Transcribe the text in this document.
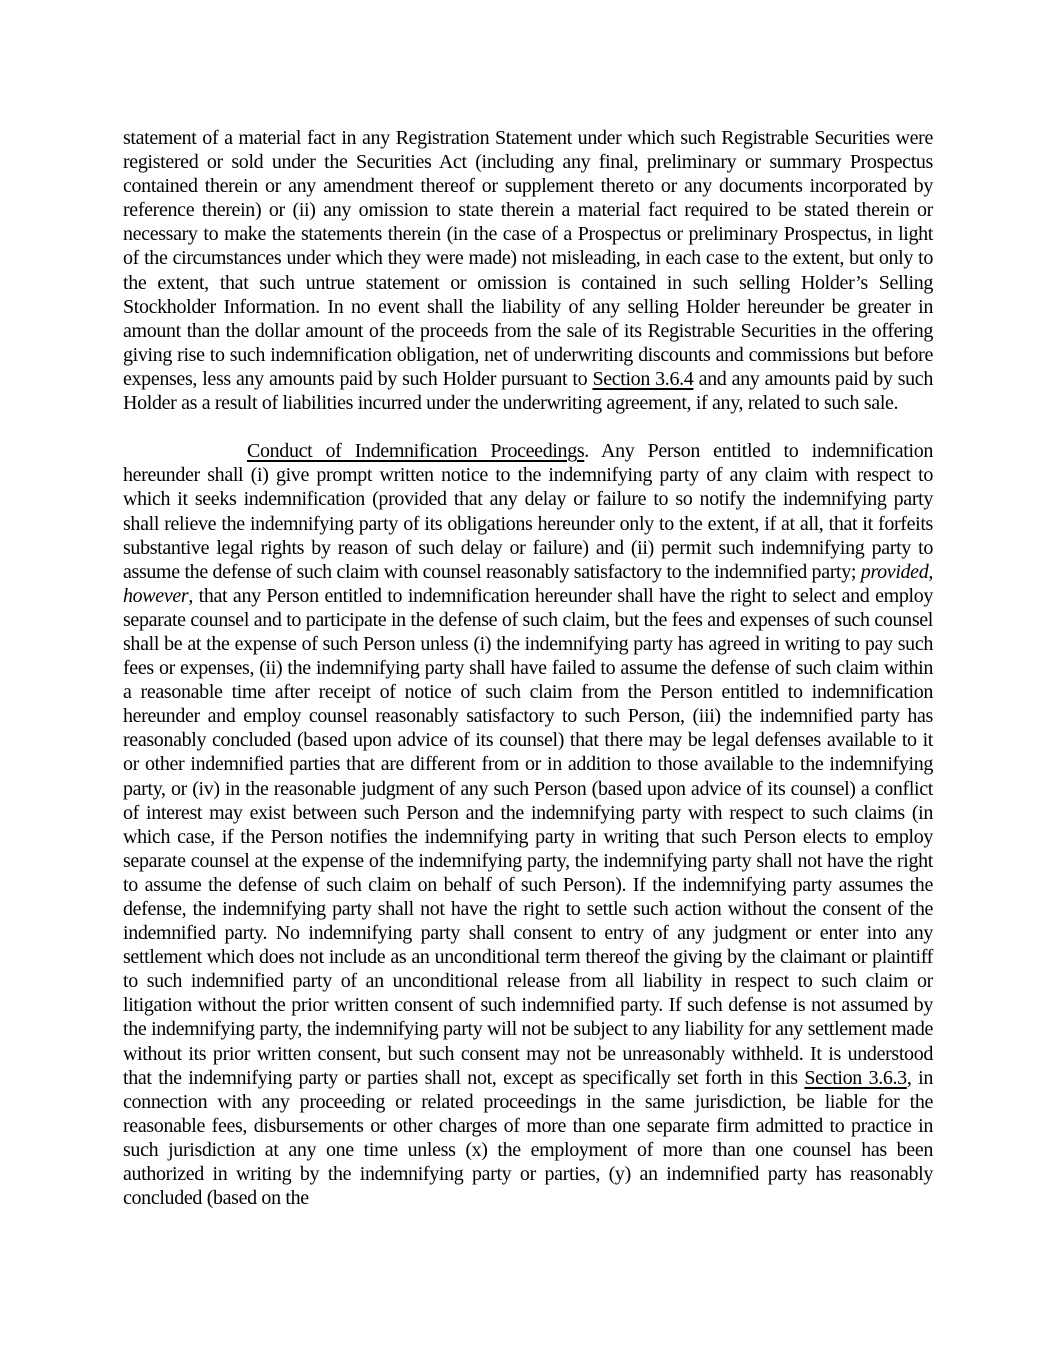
statement of a material fact in any Registration Statement under which such Registrable Securities were registered or sold under the Securities Act (including any final, preliminary or summary Prospectus contained therein or any amendment thereof or supplement thereto or any documents incorporated by reference therein) or (ii) any omission to state therein a material fact required to be stated therein or necessary to make the statements therein (in the case of a Prospectus or preliminary Prospectus, in light of the circumstances under which they were made) not misleading, in each case to the extent, but only to the extent, that such untrue statement or omission is contained in such selling Holder’s Selling Stockholder Information. In no event shall the liability of any selling Holder hereunder be greater in amount than the dollar amount of the proceeds from the sale of its Registrable Securities in the offering giving rise to such indemnification obligation, net of underwriting discounts and commissions but before expenses, less any amounts paid by such Holder pursuant to Section 3.6.4 and any amounts paid by such Holder as a result of liabilities incurred under the underwriting agreement, if any, related to such sale.

Conduct of Indemnification Proceedings. Any Person entitled to indemnification hereunder shall (i) give prompt written notice to the indemnifying party of any claim with respect to which it seeks indemnification (provided that any delay or failure to so notify the indemnifying party shall relieve the indemnifying party of its obligations hereunder only to the extent, if at all, that it forfeits substantive legal rights by reason of such delay or failure) and (ii) permit such indemnifying party to assume the defense of such claim with counsel reasonably satisfactory to the indemnified party; provided, however, that any Person entitled to indemnification hereunder shall have the right to select and employ separate counsel and to participate in the defense of such claim, but the fees and expenses of such counsel shall be at the expense of such Person unless (i) the indemnifying party has agreed in writing to pay such fees or expenses, (ii) the indemnifying party shall have failed to assume the defense of such claim within a reasonable time after receipt of notice of such claim from the Person entitled to indemnification hereunder and employ counsel reasonably satisfactory to such Person, (iii) the indemnified party has reasonably concluded (based upon advice of its counsel) that there may be legal defenses available to it or other indemnified parties that are different from or in addition to those available to the indemnifying party, or (iv) in the reasonable judgment of any such Person (based upon advice of its counsel) a conflict of interest may exist between such Person and the indemnifying party with respect to such claims (in which case, if the Person notifies the indemnifying party in writing that such Person elects to employ separate counsel at the expense of the indemnifying party, the indemnifying party shall not have the right to assume the defense of such claim on behalf of such Person). If the indemnifying party assumes the defense, the indemnifying party shall not have the right to settle such action without the consent of the indemnified party. No indemnifying party shall consent to entry of any judgment or enter into any settlement which does not include as an unconditional term thereof the giving by the claimant or plaintiff to such indemnified party of an unconditional release from all liability in respect to such claim or litigation without the prior written consent of such indemnified party. If such defense is not assumed by the indemnifying party, the indemnifying party will not be subject to any liability for any settlement made without its prior written consent, but such consent may not be unreasonably withheld. It is understood that the indemnifying party or parties shall not, except as specifically set forth in this Section 3.6.3, in connection with any proceeding or related proceedings in the same jurisdiction, be liable for the reasonable fees, disbursements or other charges of more than one separate firm admitted to practice in such jurisdiction at any one time unless (x) the employment of more than one counsel has been authorized in writing by the indemnifying party or parties, (y) an indemnified party has reasonably concluded (based on the
